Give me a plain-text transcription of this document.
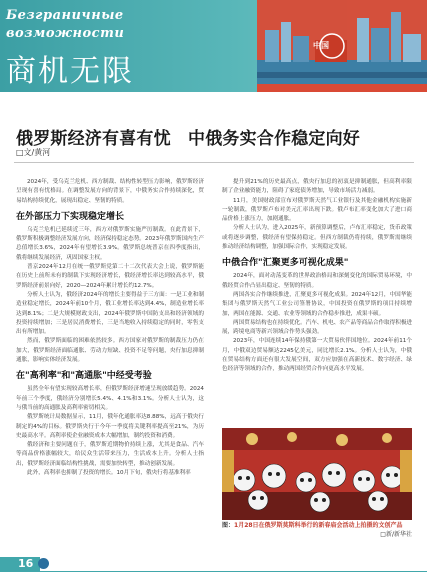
Безграничные
возможности
商机无限
中国
俄罗斯经济有喜有忧　中俄务实合作稳定向好
□文/黄河

2024年，受乌克兰危机、西方制裁、结构性转型压力影响，俄罗斯经济呈现有喜有忧格局。在调整发展方向的背景下，中俄务实合作持续深化，贸易结构持续优化，展现出稳定、坚韧的特质。

在外部压力下实现稳定增长

乌克兰危机已延续近三年，西方对俄罗斯实施严厉制裁。在此背景下，俄罗斯积极调整经济发展方向，经济保持稳定态势。2023年俄罗斯国内生产总值增长3.6%，2024年有望增长3.9%。俄罗斯总统普京在四季度指出，俄将继续发展经济，巩固国家主权。

普京2024年12月在统一俄罗斯党第二十二次代表大会上说，俄罗斯能在历史上前所未有的制裁下实现经济增长，俄经济增长率达到较高水平，俄罗斯经济前景向好，2020—2024年累计增长约12.7%。

分析人士认为，俄经济2024年的增长主要得益于三方面：一是工业和制造业稳定增长，2024年前10个月，俄工业增长率达到4.4%，制造业增长率达到8.1%；二是大规模财政支出，2024年俄罗斯中国防支出和经济领域的投资持续增加；三是居民消费增长，三是当地收入持续稳定的同时，零售支出有所增加。

然而，俄罗斯面临的困难依然较多。西方国家对俄罗斯的制裁压力仍在加大，俄罗斯经济面临通胀、劳动力短缺、投资不足等问题，央行加息抑制通胀，影响实体经济发展。

在"高利率"和"高通胀"中经受考验

虽然全年有望实现较高增长率，但俄罗斯经济增速呈现放缓趋势。2024年前三个季度，俄经济分别增长5.4%、4.1%和3.1%。分析人士认为，这与俄当前的高通胀及高利率密切相关。

俄罗斯统计局数据显示，11月，俄年化通胀率达8.88%，远高于俄央行制定的4%的目标。俄罗斯央行于今年一季度将关键利率提高至21%，为历史最高水平。高利率使企业融资成本大幅增加，制约投资和消费。

俄经济和主要问题在于，俄罗斯近期物价持续上涨，尤其是食品、汽车等商品价格涨幅较大，给民众生活带来压力，生活成本上升。分析人士指出，俄罗斯经济面临结构性挑战，需要加快转型，推动创新发展。

此外，高利率也抑制了投资的增长。10月下旬，俄央行将基准利率

提升到21%的历史最高点，俄央行加息的初衷是抑制通胀，但高利率限制了企业融资能力，阻碍了家庭债务增加，导致市场活力减弱。

11月，美国财政部宣布对俄罗斯天然气工业银行及其他金融机构实施新一轮制裁，俄罗斯卢布对美元汇率出现下跌。俄卢布汇率变化加大了进口商品价格上涨压力，加剧通胀。

分析人士认为，进入2025年，新预算调整后，卢布汇率稳定，货币政策或将逐步调整，俄经济有望保持稳定。但西方制裁仍将持续，俄罗斯需继续推动经济结构调整，加强国际合作，实现稳定发展。

中俄合作"汇聚更多可视化成果"

2024年，面对动荡变革的世界政治格局和深刻变化的国际贸易环境，中俄经贸合作凸显出稳定、坚韧的特质。

两国各实合作继续推进，汇聚更多可视化成果。2024年12月，中国华能集团与俄罗斯天然气工业公司签署协议，中国投资在俄罗斯的项目持续增加，两国在能源、交通、农业等领域的合作稳步推进，成果丰硕。

两国贸易结构也在持续优化。汽车、机电、农产品等商品合作取得积极进展，跨境电商等新兴领域合作势头强劲。

2023年，中国连续14年保持俄第一大贸易伙伴国地位。2024年前11个月，中俄双边贸易额达2245亿美元，同比增长2.1%。分析人士认为，中俄在贸易结构方面还有很大发展空间，双方应加强在高新技术、数字经济、绿色经济等领域的合作，推动两国经贸合作向更高水平发展。

图：1月28日在俄罗斯莫斯科举行的新春庙会活动上拍摄的文创产品
□新/新华社
16
